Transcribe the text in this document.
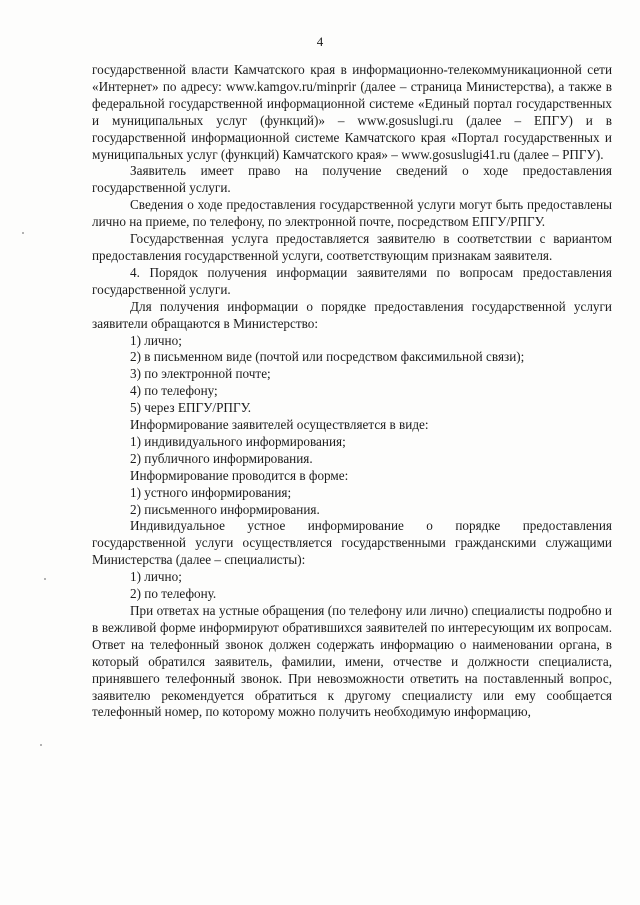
4

государственной власти Камчатского края в информационно-телекоммуникационной сети «Интернет» по адресу: www.kamgov.ru/minprir (далее – страница Министерства), а также в федеральной государственной информационной системе «Единый портал государственных и муниципальных услуг (функций)» – www.gosuslugi.ru (далее – ЕПГУ) и в государственной информационной системе Камчатского края «Портал государственных и муниципальных услуг (функций) Камчатского края» – www.gosuslugi41.ru (далее – РПГУ).

Заявитель имеет право на получение сведений о ходе предоставления государственной услуги.

Сведения о ходе предоставления государственной услуги могут быть предоставлены лично на приеме, по телефону, по электронной почте, посредством ЕПГУ/РПГУ.

Государственная услуга предоставляется заявителю в соответствии с вариантом предоставления государственной услуги, соответствующим признакам заявителя.

4. Порядок получения информации заявителями по вопросам предоставления государственной услуги.

Для получения информации о порядке предоставления государственной услуги заявители обращаются в Министерство:

1) лично;

2) в письменном виде (почтой или посредством факсимильной связи);

3) по электронной почте;

4) по телефону;

5) через ЕПГУ/РПГУ.

Информирование заявителей осуществляется в виде:

1) индивидуального информирования;

2) публичного информирования.

Информирование проводится в форме:

1) устного информирования;

2) письменного информирования.

Индивидуальное устное информирование о порядке предоставления государственной услуги осуществляется государственными гражданскими служащими Министерства (далее – специалисты):

1) лично;

2) по телефону.

При ответах на устные обращения (по телефону или лично) специалисты подробно и в вежливой форме информируют обратившихся заявителей по интересующим их вопросам. Ответ на телефонный звонок должен содержать информацию о наименовании органа, в который обратился заявитель, фамилии, имени, отчестве и должности специалиста, принявшего телефонный звонок. При невозможности ответить на поставленный вопрос, заявителю рекомендуется обратиться к другому специалисту или ему сообщается телефонный номер, по которому можно получить необходимую информацию,
